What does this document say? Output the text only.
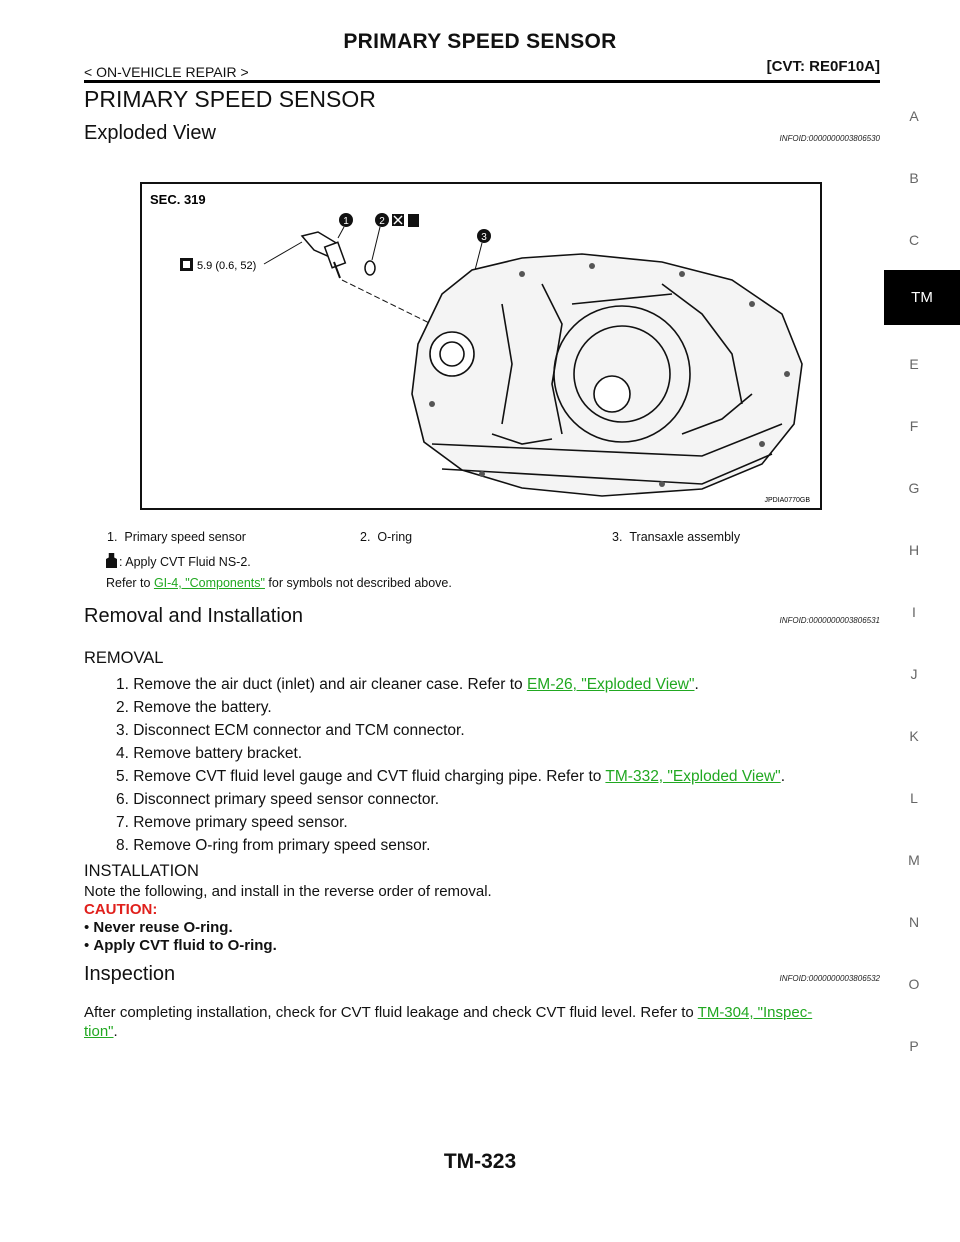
PRIMARY SPEED SENSOR
< ON-VEHICLE REPAIR >	[CVT: RE0F10A]
PRIMARY SPEED SENSOR
Exploded View	INFOID:0000000003806530
SEC. 319
5.9 (0.6, 52)
1	2
3
JPDIA0770GB
1. Primary speed sensor	2. O-ring	3. Transaxle assembly
: Apply CVT Fluid NS-2.
Refer to GI-4, "Components" for symbols not described above.
Removal and Installation	INFOID:0000000003806531
REMOVAL
1. Remove the air duct (inlet) and air cleaner case. Refer to EM-26, "Exploded View".
2. Remove the battery.
3. Disconnect ECM connector and TCM connector.
4. Remove battery bracket.
5. Remove CVT fluid level gauge and CVT fluid charging pipe. Refer to TM-332, "Exploded View".
6. Disconnect primary speed sensor connector.
7. Remove primary speed sensor.
8. Remove O-ring from primary speed sensor.
INSTALLATION
Note the following, and install in the reverse order of removal.
CAUTION:
• Never reuse O-ring.
• Apply CVT fluid to O-ring.
Inspection	INFOID:0000000003806532
After completing installation, check for CVT fluid leakage and check CVT fluid level. Refer to TM-304, "Inspec-
tion".
A
B
C
TM
E
F
G
H
I
J
K
L
M
N
O
P
TM-323
